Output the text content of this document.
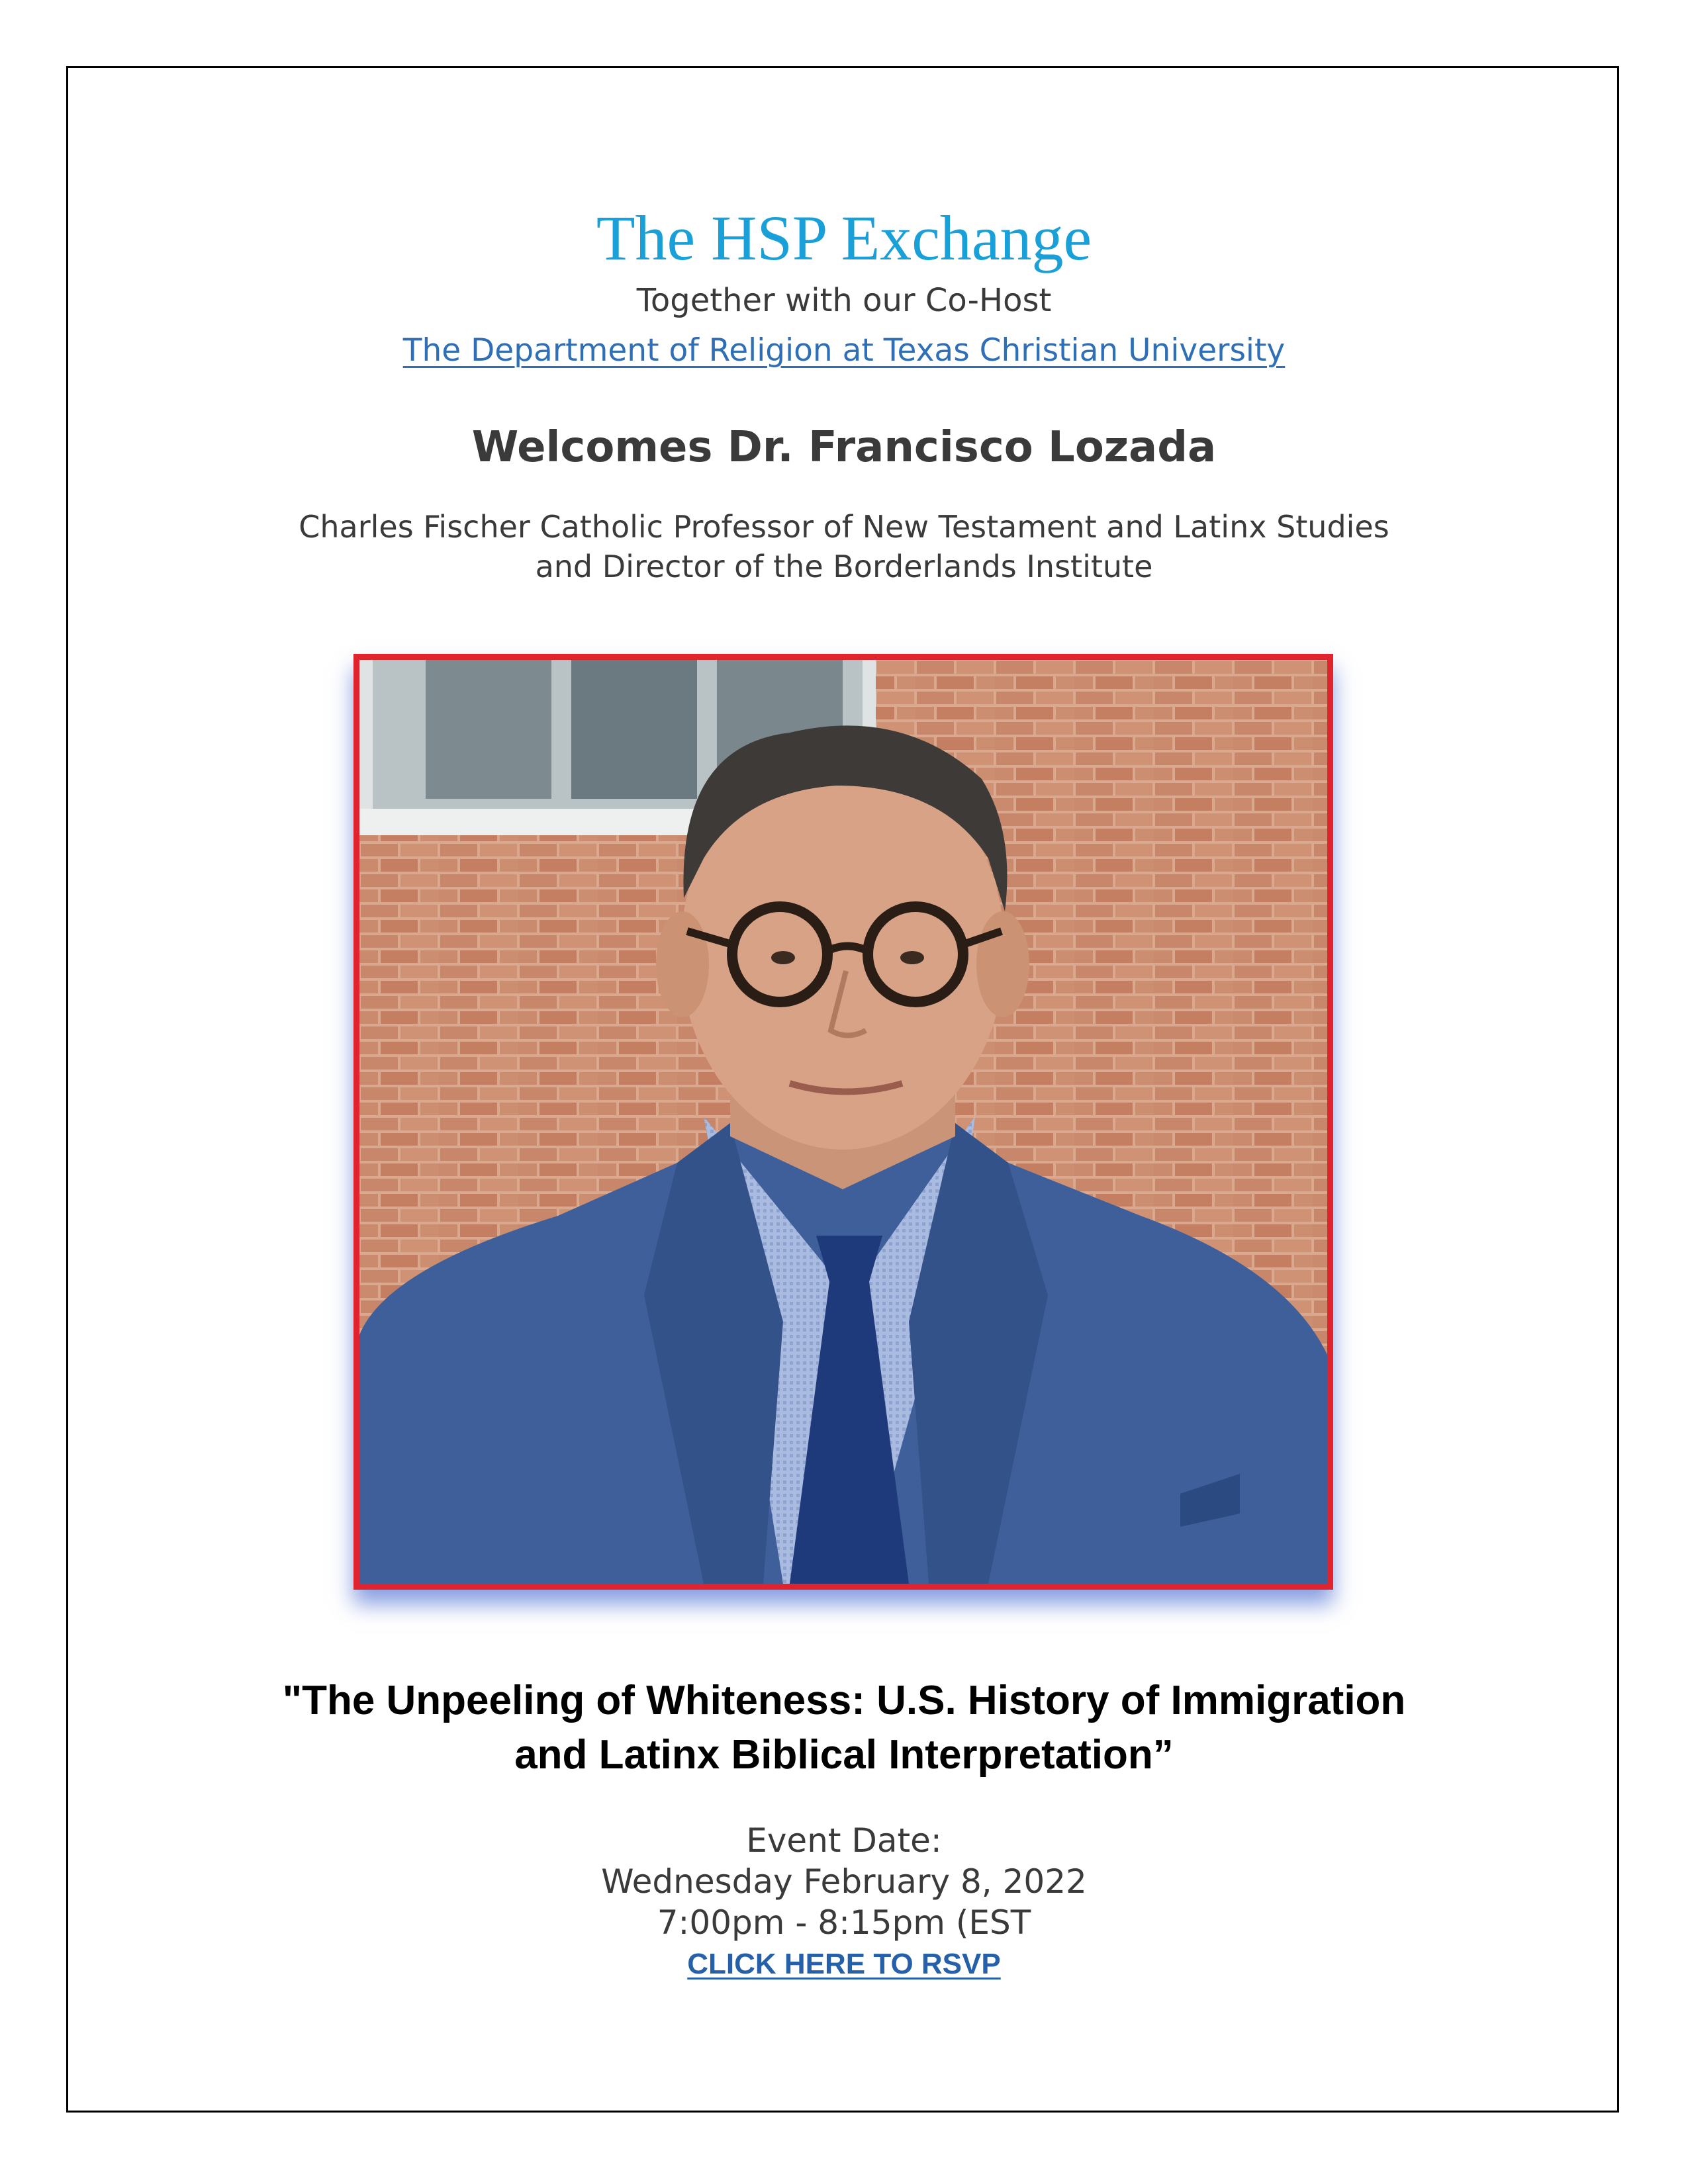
The HSP Exchange
Together with our Co-Host
The Department of Religion at Texas Christian University
Welcomes Dr. Francisco Lozada
Charles Fischer Catholic Professor of New Testament and Latinx Studies
and Director of the Borderlands Institute
"The Unpeeling of Whiteness: U.S. History of Immigration
and Latinx Biblical Interpretation”
Event Date:
Wednesday February 8, 2022
7:00pm - 8:15pm (EST
CLICK HERE TO RSVP
